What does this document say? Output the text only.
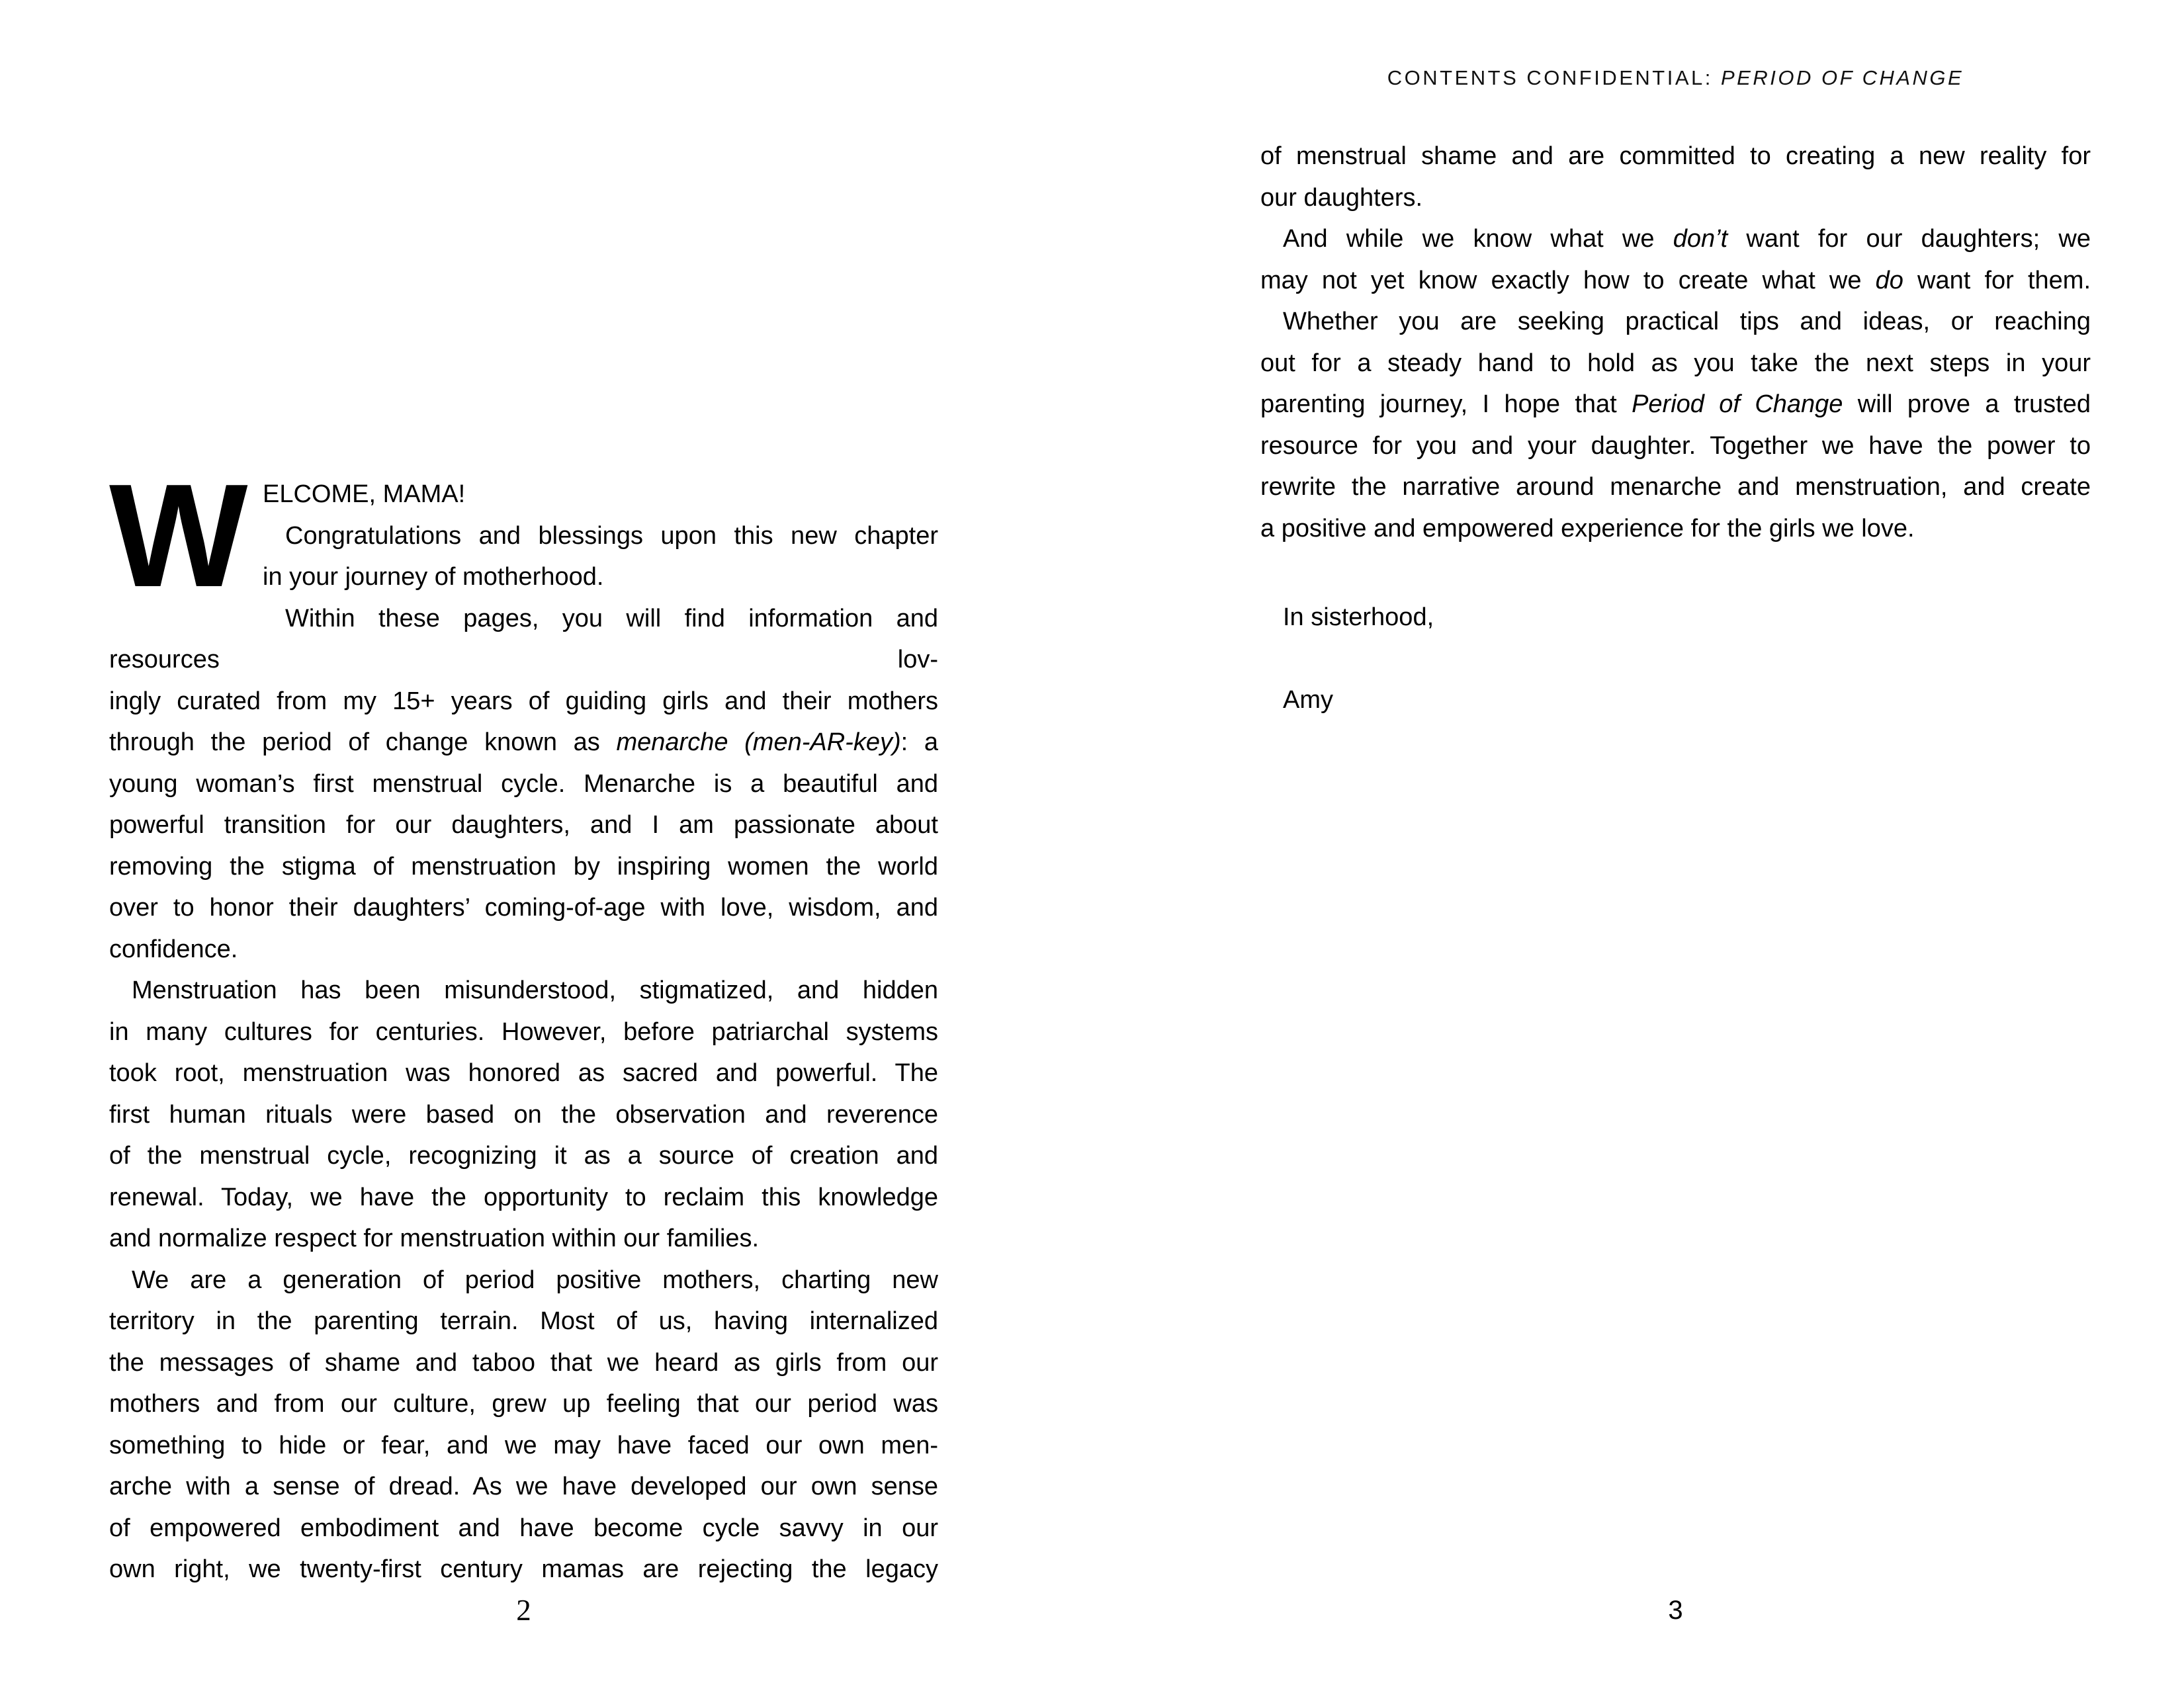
CONTENTS CONFIDENTIAL: PERIOD OF CHANGE
W ELCOME, MAMA!
Congratulations and blessings upon this new chapter
in your journey of motherhood.
Within these pages, you will find information and resources lov-
ingly curated from my 15+ years of guiding girls and their mothers
through the period of change known as menarche (men-AR-key): a
young woman’s first menstrual cycle. Menarche is a beautiful and
powerful transition for our daughters, and I am passionate about
removing the stigma of menstruation by inspiring women the world
over to honor their daughters’ coming-of-age with love, wisdom, and
confidence.
Menstruation has been misunderstood, stigmatized, and hidden
in many cultures for centuries. However, before patriarchal systems
took root, menstruation was honored as sacred and powerful. The
first human rituals were based on the observation and reverence
of the menstrual cycle, recognizing it as a source of creation and
renewal. Today, we have the opportunity to reclaim this knowledge
and normalize respect for menstruation within our families.
We are a generation of period positive mothers, charting new
territory in the parenting terrain. Most of us, having internalized
the messages of shame and taboo that we heard as girls from our
mothers and from our culture, grew up feeling that our period was
something to hide or fear, and we may have faced our own men-
arche with a sense of dread. As we have developed our own sense
of empowered embodiment and have become cycle savvy in our
own right, we twenty-first century mamas are rejecting the legacy
of menstrual shame and are committed to creating a new reality for
our daughters.
And while we know what we don’t want for our daughters; we
may not yet know exactly how to create what we do want for them.
Whether you are seeking practical tips and ideas, or reaching
out for a steady hand to hold as you take the next steps in your
parenting journey, I hope that Period of Change will prove a trusted
resource for you and your daughter. Together we have the power to
rewrite the narrative around menarche and menstruation, and create
a positive and empowered experience for the girls we love.
In sisterhood,
Amy
2	3
